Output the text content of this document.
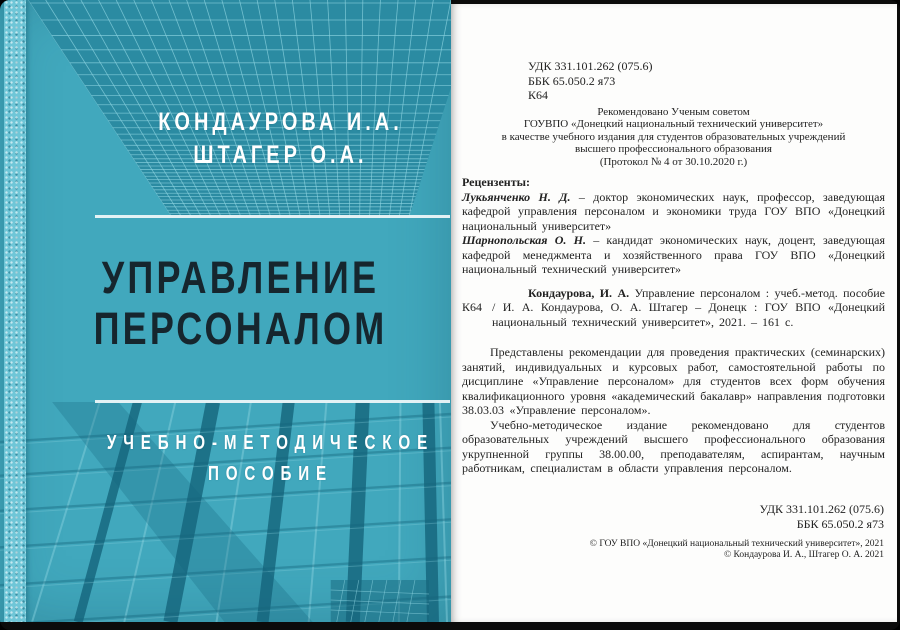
КОНДАУРОВА И.А.
ШТАГЕР О.А.
УПРАВЛЕНИЕ
ПЕРСОНАЛОМ
УЧЕБНО-МЕТОДИЧЕСКОЕ
ПОСОБИЕ
УДК 331.101.262 (075.6)
ББК 65.050.2 я73
К64
Рекомендовано Ученым советом
ГОУВПО «Донецкий национальный технический университет»
в качестве учебного издания для студентов образовательных учреждений
высшего профессионального образования
(Протокол № 4 от 30.10.2020 г.)
Рецензенты:
Лукьянченко Н. Д. – доктор экономических наук, профессор, заведующая кафедрой управления персоналом и экономики труда ГОУ ВПО «Донецкий национальный университет»
Шарнопольская О. Н. – кандидат экономических наук, доцент, заведующая кафедрой менеджмента и хозяйственного права ГОУ ВПО «Донецкий национальный технический университет»
К64
Кондаурова, И. А. Управление персоналом : учеб.-метод. пособие / И. А. Кондаурова, О. А. Штагер – Донецк : ГОУ ВПО «Донецкий национальный технический университет», 2021. – 161 с.

Представлены рекомендации для проведения практических (семинарских) занятий, индивидуальных и курсовых работ, самостоятельной работы по дисциплине «Управление персоналом» для студентов всех форм обучения квалификационного уровня «академический бакалавр» направления подготовки 38.03.03 «Управление персоналом».

Учебно-методическое издание рекомендовано для студентов образовательных учреждений высшего профессионального образования укрупненной группы 38.00.00, преподавателям, аспирантам, научным работникам, специалистам в области управления персоналом.

УДК 331.101.262 (075.6)
ББК 65.050.2 я73
© ГОУ ВПО «Донецкий национальный технический университет», 2021
© Кондаурова И. А., Штагер О. А. 2021
